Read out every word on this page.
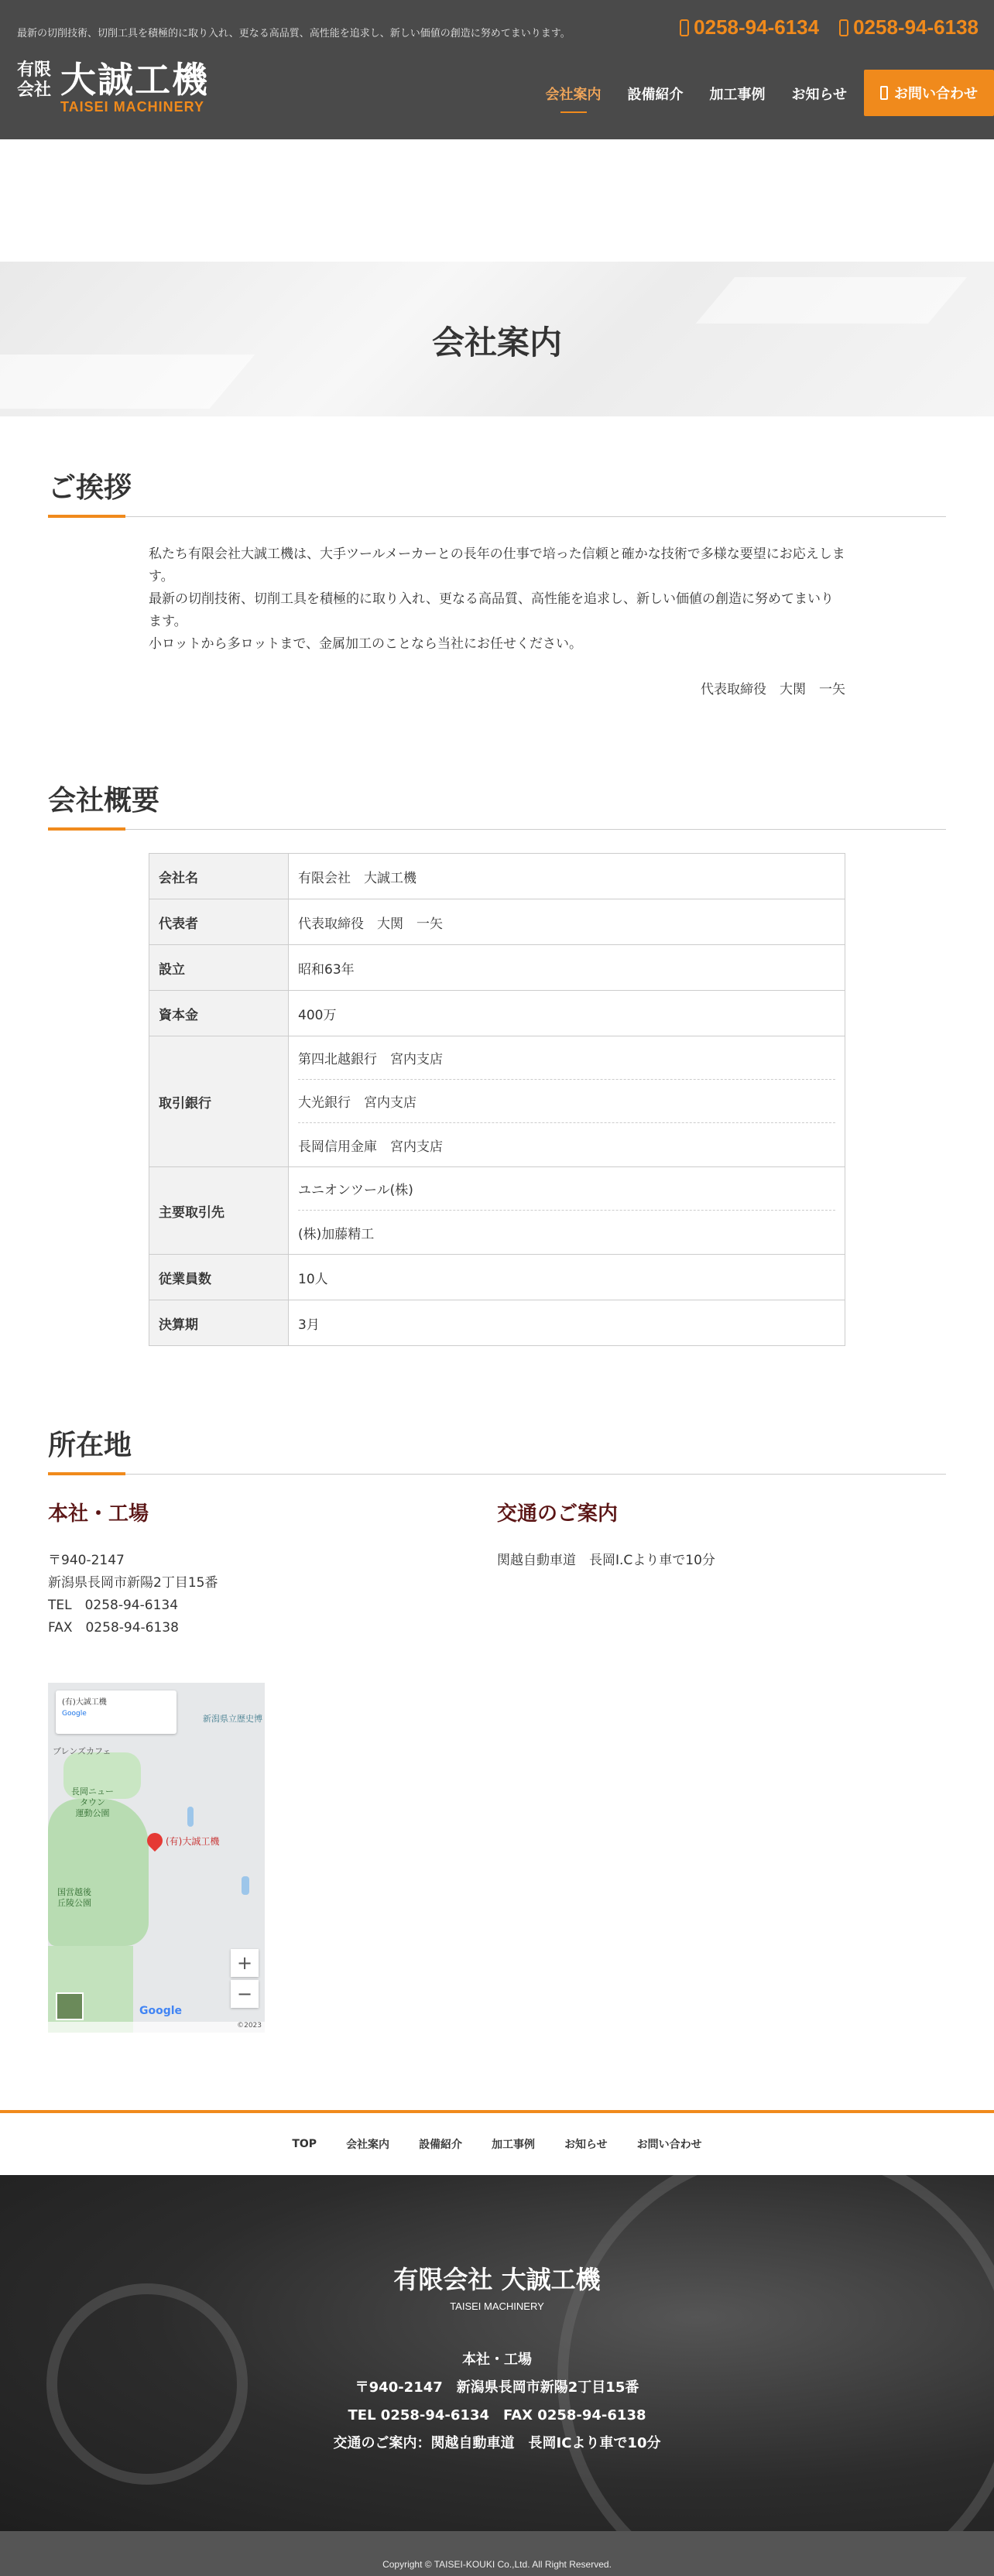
最新の切削技術、切削工具を積極的に取り入れ、更なる高品質、高性能を追求し、新しい価値の創造に努めてまいります。	0258-94-6134 0258-94-6138
有限
会社 大誠工機
TAISEI MACHINERY
会社案内 設備紹介 加工事例 お知らせ	お問い合わせ
会社案内
ご挨拶

私たち有限会社大誠工機は、大手ツールメーカーとの長年の仕事で培った信頼と確かな技術で多様な要望にお応えします。

最新の切削技術、切削工具を積極的に取り入れ、更なる高品質、高性能を追求し、新しい価値の創造に努めてまいります。

小ロットから多ロットまで、金属加工のことなら当社にお任せください。

代表取締役　大関　一矢

会社概要
会社名	有限会社　大誠工機

代表者	代表取締役　大関　一矢

設立	昭和63年

資本金	400万

取引銀行	第四北越銀行　宮内支店
大光銀行　宮内支店
長岡信用金庫　宮内支店

主要取引先	ユニオンツール(株)
(株)加藤精工

従業員数	10人

決算期	3月
所在地
本社・工場

〒940-2147

新潟県長岡市新陽2丁目15番

TEL　0258-94-6134

FAX　0258-94-6138

(有)大誠工機
Google	新潟県立歴史博
ブレンズカフェ
長岡ニュー
タウン
運動公園
国営越後
丘陵公園
(有)大誠工機
+
−
Google
©2023
交通のご案内

関越自動車道　長岡I.Cより車で10分

TOP	会社案内	設備紹介	加工事例	お知らせ	お問い合わせ
有限会社 大誠工機
TAISEI MACHINERY
本社・工場
〒940-2147　新潟県長岡市新陽2丁目15番
TEL 0258-94-6134　FAX 0258-94-6138
交通のご案内：関越自動車道　長岡ICより車で10分
Copyright © TAISEI-KOUKI Co.,Ltd. All Right Reserved.
